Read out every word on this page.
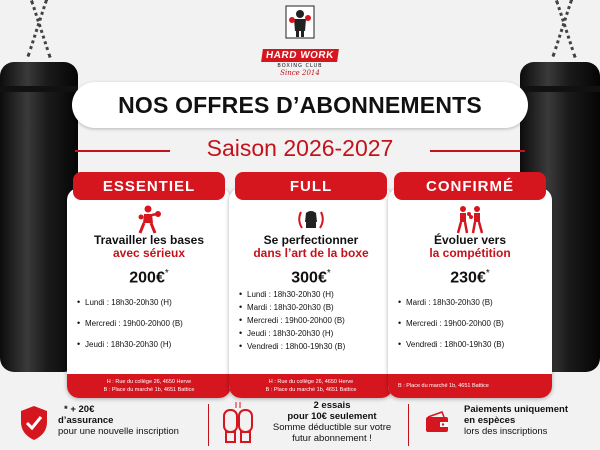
HARD WORK
BOXING CLUB
Since 2014
NOS OFFRES D’ABONNEMENTS
Saison 2026-2027
ESSENTIEL
Travailler les bases
avec sérieux
200€*
• Lundi : 18h30-20h30 (H)
• Mercredi : 19h00-20h00 (B)
• Jeudi : 18h30-20h30 (H)
H : Rue du collège 26, 4650 Herve
B : Place du marché 1b, 4651 Battice
FULL
Se perfectionner
dans l’art de la boxe
300€*
• Lundi : 18h30-20h30 (H)
• Mardi : 18h30-20h30 (B)
• Mercredi : 19h00-20h00 (B)
• Jeudi : 18h30-20h30 (H)
• Vendredi : 18h00-19h30 (B)
H : Rue du collège 26, 4650 Herve
B : Place du marché 1b, 4651 Battice
CONFIRMÉ
Évoluer vers
la compétition
230€*
• Mardi : 18h30-20h30 (B)
• Mercredi : 19h00-20h00 (B)
• Vendredi : 18h00-19h30 (B)
B : Place du marché 1b, 4651 Battice
* + 20€
d’assurance
pour une nouvelle inscription
2 essais
pour 10€ seulement
Somme déductible sur votre
futur abonnement !
Paiements uniquement
en espèces
lors des inscriptions
